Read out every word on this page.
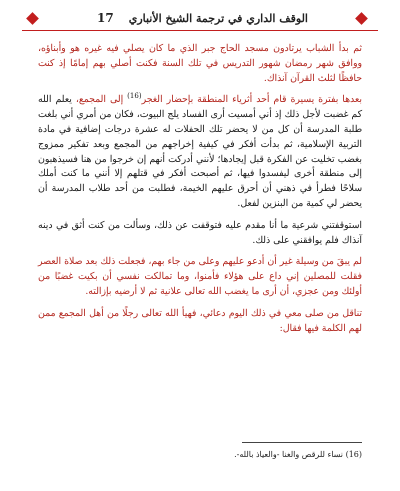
الوقف الداري في ترجمة الشيخ الأنباري
17

ثم بدأ الشباب يرتادون مسجد الحاج جبر الذي ما كان يصلي فيه غيره هو وأبناؤه، ووافق شهر رمضان شهور التدريس في تلك السنة فكنت أصلي بهم إمامًا إذ كنت حافظًا لثلث القرآن آنذاك.

بعدها بفترة يسيرة قام أحد أثرياء المنطقة بإحضار الغجر$^{(16)}$ إلى المجمع، يعلم الله كم غضبت لأجل ذلك إذ أني أمسيت أرى الفساد يلج البيوت، فكان من أمري أني بلغت طلبة المدرسة أن كل من لا يحضر تلك الحفلات له عشرة درجات إضافية في مادة التربية الإسلامية، ثم بدأت أفكر في كيفية إخراجهم من المجمع وبعد تفكير ممزوج بغضب تخليت عن الفكرة قبل إيجادها؛ لأنني أدركت أنهم إن خرجوا من هنا فسيذهبون إلى منطقة أخرى ليفسدوا فيها، ثم أصبحت أفكر في قتلهم إلا أنني ما كنت أملك سلاحًا فطرأ في ذهني أن أحرق عليهم الخيمة، فطلبت من أحد طلاب المدرسة أن يحضر لي كمية من البنزين لفعل.

استوقفتني شرعية ما أنا مقدم عليه فتوقفت عن ذلك، وسألت من كنت أثق في دينه آنذاك فلم يوافقني على ذلك.

لم يبقَ من وسيلة غير أن أدعو عليهم وعلى من جاء بهم، فجعلت ذلك بعد صلاة العصر فقلت للمصلين إني داع على هؤلاء فأمنوا، وما تمالكت نفسي أن بكيت غضبًا من أولئك ومن عجزي، أن أرى ما يغضب الله تعالى علانية ثم لا أرضيه بإزالته.

تناقل من صلى معي في ذلك اليوم دعائي، فهيأ الله تعالى رجلًا من أهل المجمع ممن لهم الكلمة فيها فقال:

(16) نساء للرقص والغنا -والعياذ بالله-.
